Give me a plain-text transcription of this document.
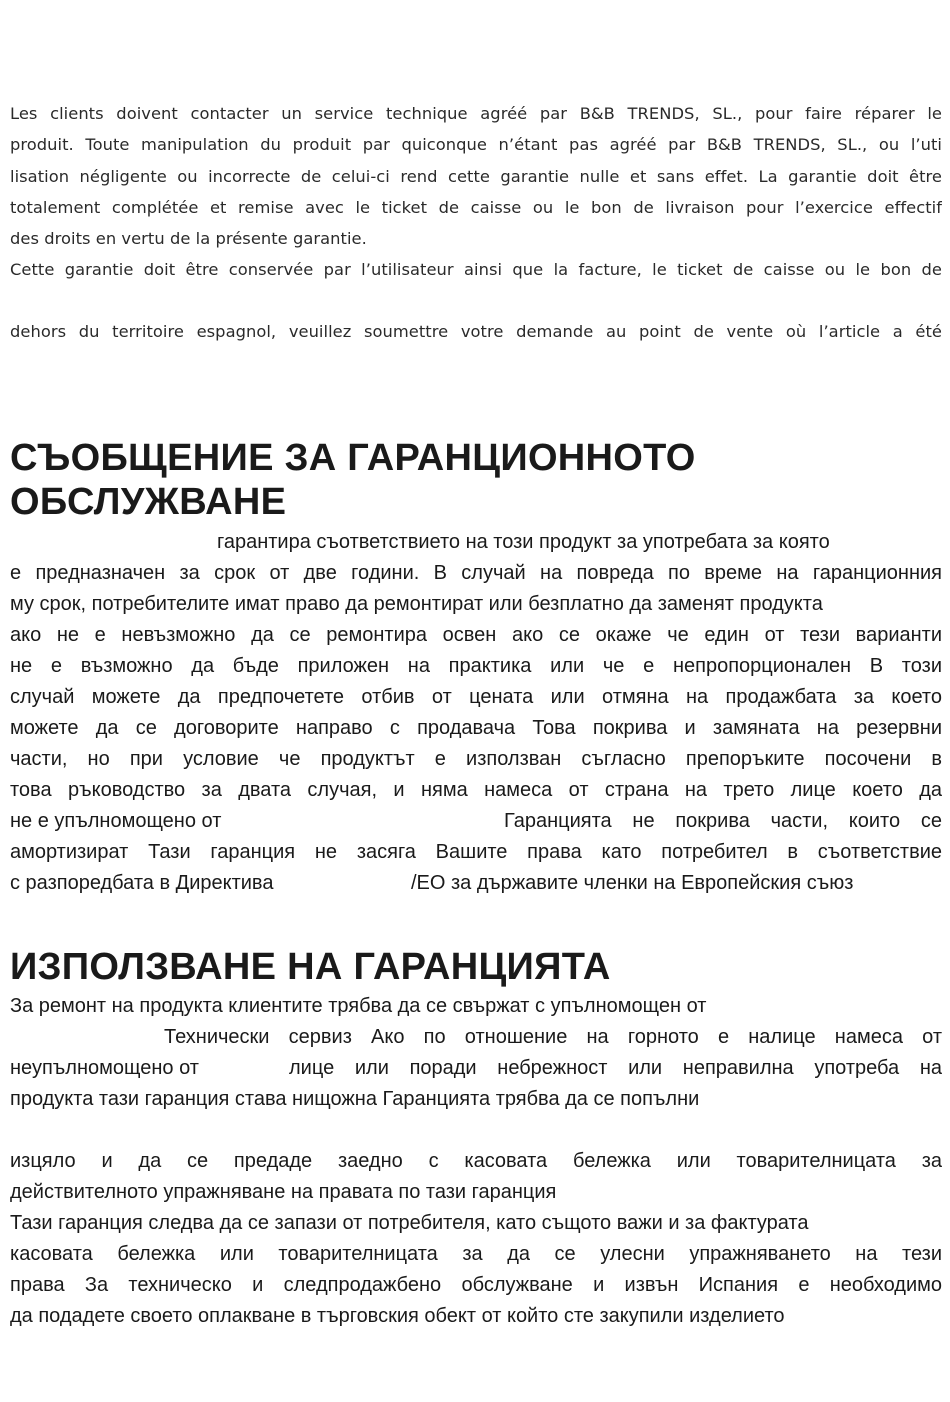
Les clients doivent contacter un service technique agréé par B&B TRENDS, SL., pour faire réparer le
produit. Toute manipulation du produit par quiconque n’étant pas agréé par B&B TRENDS, SL., ou l’uti
lisation négligente ou incorrecte de celui-ci rend cette garantie nulle et sans effet. La garantie doit être
totalement complétée et remise avec le ticket de caisse ou le bon de livraison pour l’exercice effectif
des droits en vertu de la présente garantie.
Cette garantie doit être conservée par l’utilisateur ainsi que la facture, le ticket de caisse ou le bon de
dehors du territoire espagnol, veuillez soumettre votre demande au point de vente où l’article a été
СЪОБЩЕНИЕ ЗА ГАРАНЦИОННОТО
ОБСЛУЖВАНЕ
гарантира съответствието на този продукт за употребата за която
е предназначен за срок от две години. В случай на повреда по време на гаранционния
му срок, потребителите имат право да ремонтират или безплатно да заменят продукта
ако не е невъзможно да се ремонтира освен ако се окаже че един от тези варианти
не е възможно да бъде приложен на практика или че е непропорционален В този
случай можете да предпочетете отбив от цената или отмяна на продажбата за което
можете да се договорите направо с продавача Това покрива и замяната на резервни
части, но при условие че продуктът е използван съгласно препоръките посочени в
това ръководство за двата случая, и няма намеса от страна на трето лице което да
не е упълномощено от	Гаранцията не покрива части, които се
амортизират Тази гаранция не засяга Вашите права като потребител в съответствие
с разпоредбата в Директива	/ЕО за държавите членки на Европейския съюз
ИЗПОЛЗВАНЕ НА ГАРАНЦИЯТА
За ремонт на продукта клиентите трябва да се свържат с упълномощен от
Технически сервиз Ако по отношение на горното е налице намеса от
неупълномощено от	лице или поради небрежност или неправилна употреба на
продукта тази гаранция става нищожна Гаранцията трябва да се попълни
изцяло и да се предаде заедно с касовата бележка или товарителницата за
действителното упражняване на правата по тази гаранция
Тази гаранция следва да се запази от потребителя, като същото важи и за фактурата
касовата бележка или товарителницата за да се улесни упражняването на тези
права За техническо и следпродажбено обслужване и извън Испания е необходимо
да подадете своето оплакване в търговския обект от който сте закупили изделието
